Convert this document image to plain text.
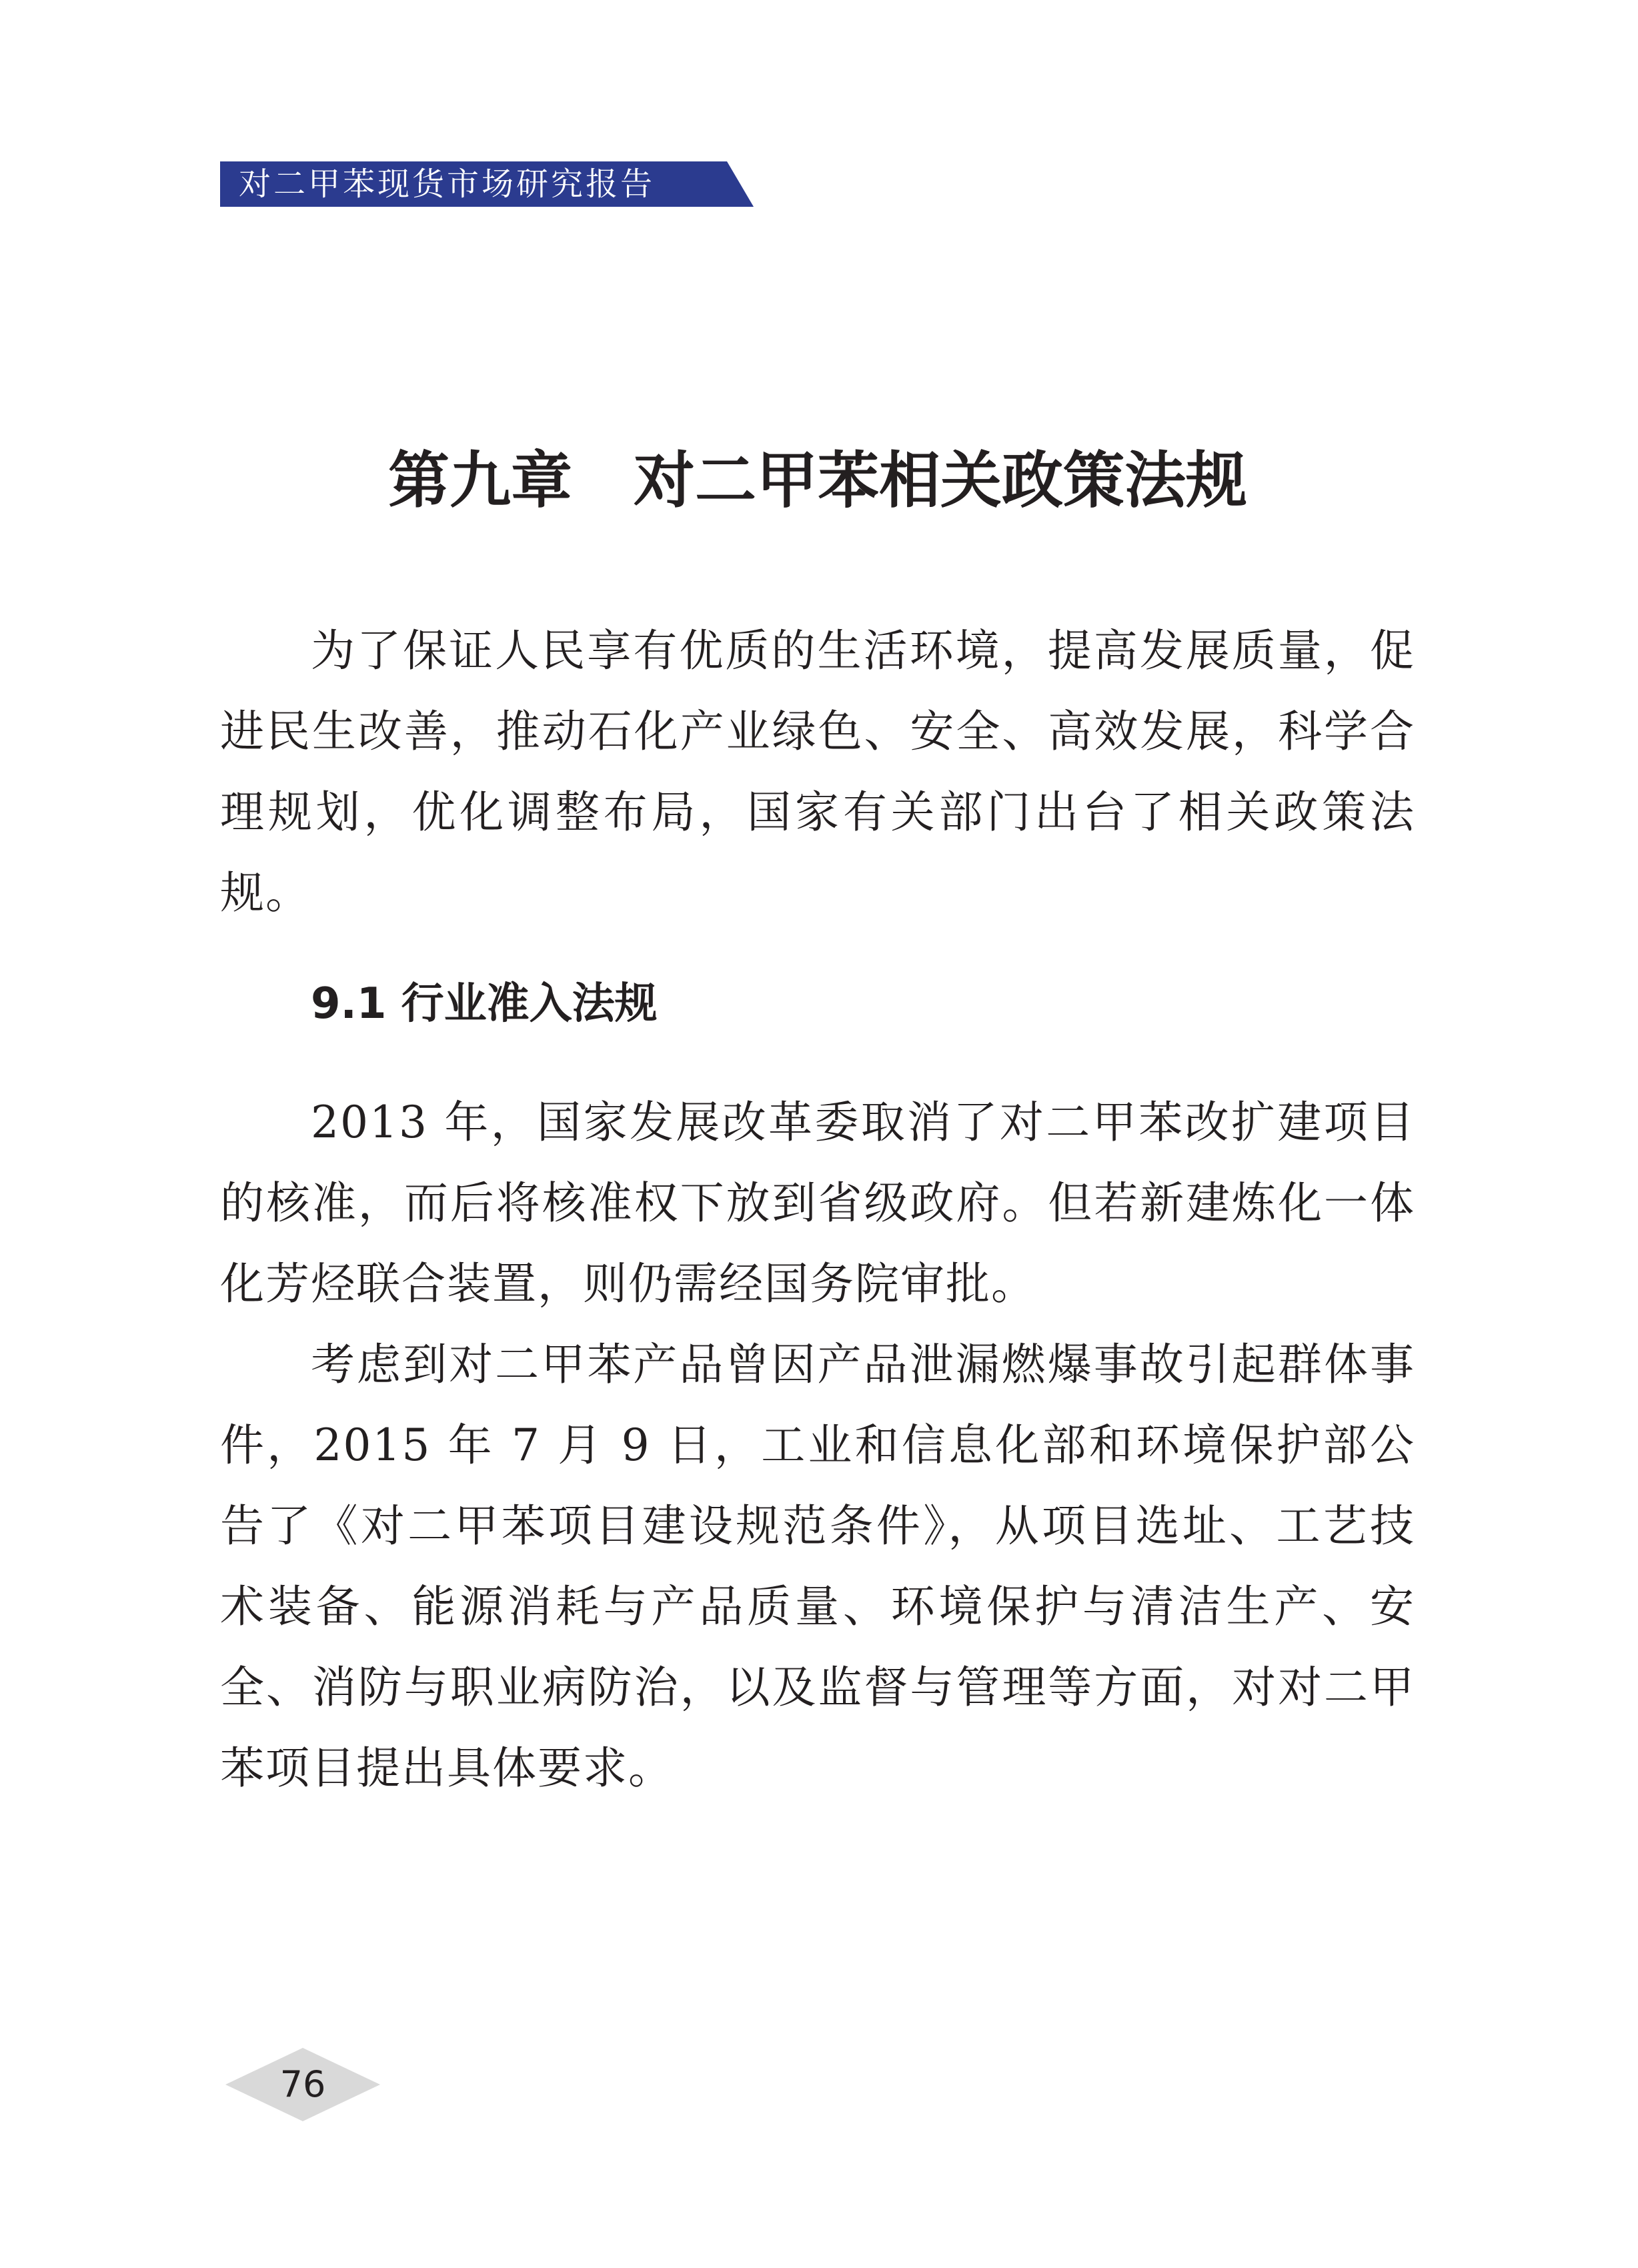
对二甲苯现货市场研究报告
第九章　对二甲苯相关政策法规

为了保证人民享有优质的生活环境，提高发展质量，促进民生改善，推动石化产业绿色、安全、高效发展，科学合理规划，优化调整布局，国家有关部门出台了相关政策法规。

9.1 行业准入法规

2013 年，国家发展改革委取消了对二甲苯改扩建项目的核准，而后将核准权下放到省级政府。但若新建炼化一体化芳烃联合装置，则仍需经国务院审批。

考虑到对二甲苯产品曾因产品泄漏燃爆事故引起群体事件，2015 年 7 月 9 日，工业和信息化部和环境保护部公告了《对二甲苯项目建设规范条件》，从项目选址、工艺技术装备、能源消耗与产品质量、环境保护与清洁生产、安全、消防与职业病防治，以及监督与管理等方面，对对二甲苯项目提出具体要求。

76
